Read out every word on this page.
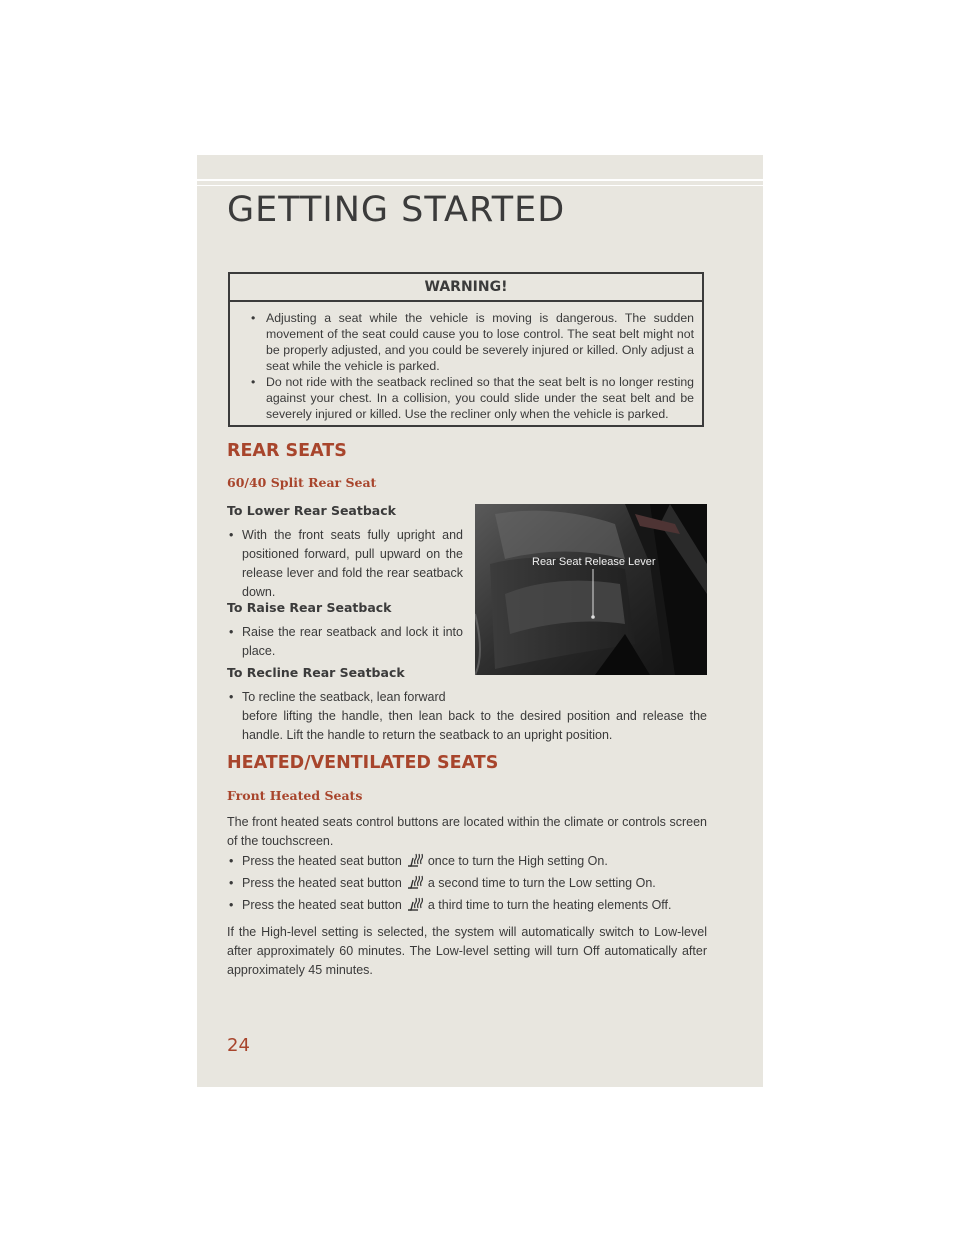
GETTING STARTED
WARNING!
• Adjusting a seat while the vehicle is moving is dangerous. The sudden movement of the seat could cause you to lose control. The seat belt might not be properly adjusted, and you could be severely injured or killed. Only adjust a seat while the vehicle is parked.
• Do not ride with the seatback reclined so that the seat belt is no longer resting against your chest. In a collision, you could slide under the seat belt and be severely injured or killed. Use the recliner only when the vehicle is parked.
REAR SEATS
60/40 Split Rear Seat
To Lower Rear Seatback
• With the front seats fully upright and positioned forward, pull upward on the release lever and fold the rear seatback down.
To Raise Rear Seatback
• Raise the rear seatback and lock it into place.
To Recline Rear Seatback
• To recline the seatback, lean forward
before lifting the handle, then lean back to the desired position and release the handle. Lift the handle to return the seatback to an upright position.
Rear Seat Release Lever
HEATED/VENTILATED SEATS
Front Heated Seats
The front heated seats control buttons are located within the climate or controls screen of the touchscreen.
• Press the heated seat button once to turn the High setting On.
• Press the heated seat button a second time to turn the Low setting On.
• Press the heated seat button a third time to turn the heating elements Off.
If the High-level setting is selected, the system will automatically switch to Low-level after approximately 60 minutes. The Low-level setting will turn Off automatically after approximately 45 minutes.
24
